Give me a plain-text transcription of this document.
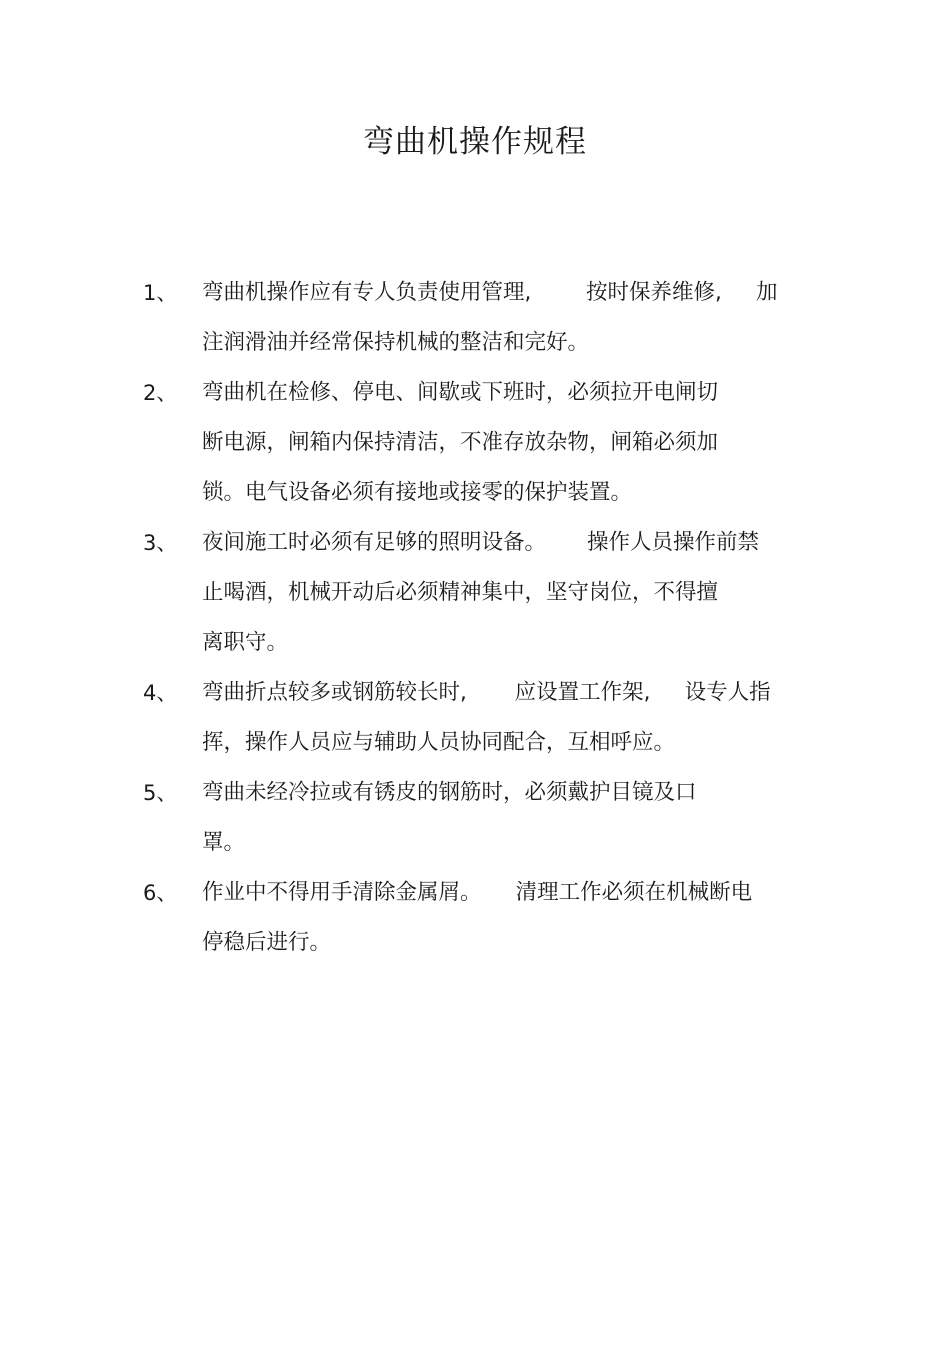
弯曲机操作规程
1、 弯曲机操作应有专人负责使用管理,        按时保养维修,     加
注润滑油并经常保持机械的整洁和完好。
2、 弯曲机在检修、停电、间歇或下班时，必须拉开电闸切
断电源，闸箱内保持清洁，不准存放杂物，闸箱必须加
锁。电气设备必须有接地或接零的保护装置。
3、 夜间施工时必须有足够的照明设备。      操作人员操作前禁
止喝酒，机械开动后必须精神集中，坚守岗位，不得擅
离职守。
4、 弯曲折点较多或钢筋较长时,       应设置工作架,     设专人指
挥，操作人员应与辅助人员协同配合，互相呼应。
5、 弯曲未经冷拉或有锈皮的钢筋时，必须戴护目镜及口
罩。
6、 作业中不得用手清除金属屑。     清理工作必须在机械断电
停稳后进行。
